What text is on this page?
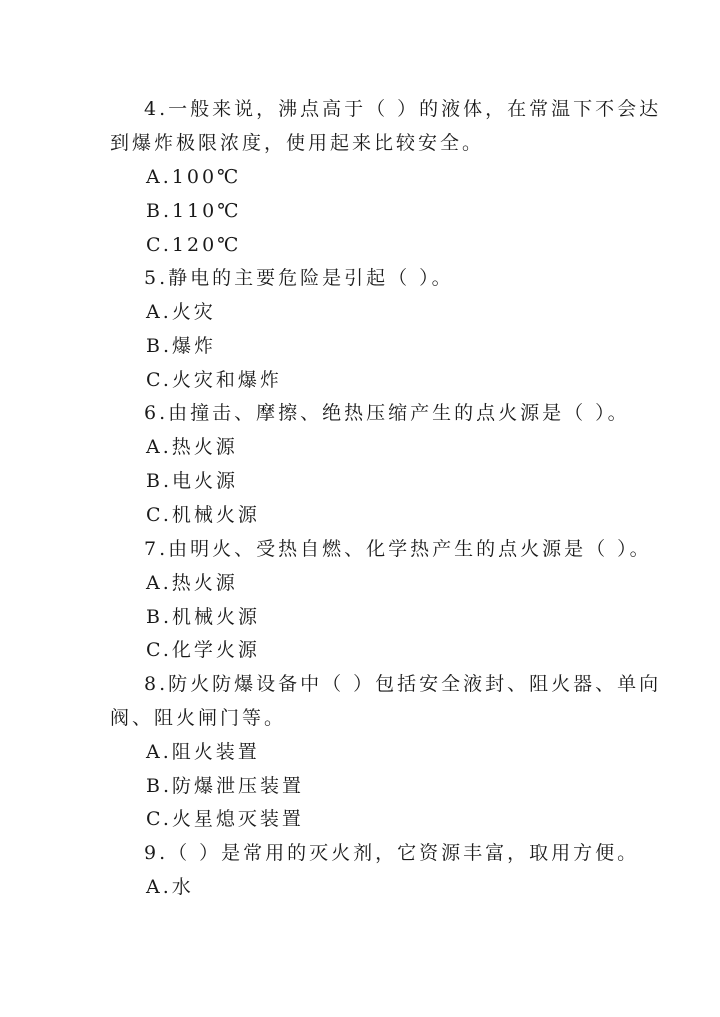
4.一般来说，沸点高于（ ）的液体，在常温下不会达
到爆炸极限浓度，使用起来比较安全。
A.100℃
B.110℃
C.120℃
5.静电的主要危险是引起（ ）。
A.火灾
B.爆炸
C.火灾和爆炸
6.由撞击、摩擦、绝热压缩产生的点火源是（ ）。
A.热火源
B.电火源
C.机械火源
7.由明火、受热自燃、化学热产生的点火源是（ ）。
A.热火源
B.机械火源
C.化学火源
8.防火防爆设备中（ ）包括安全液封、阻火器、单向
阀、阻火闸门等。
A.阻火装置
B.防爆泄压装置
C.火星熄灭装置
9.（ ）是常用的灭火剂，它资源丰富，取用方便。
A.水
